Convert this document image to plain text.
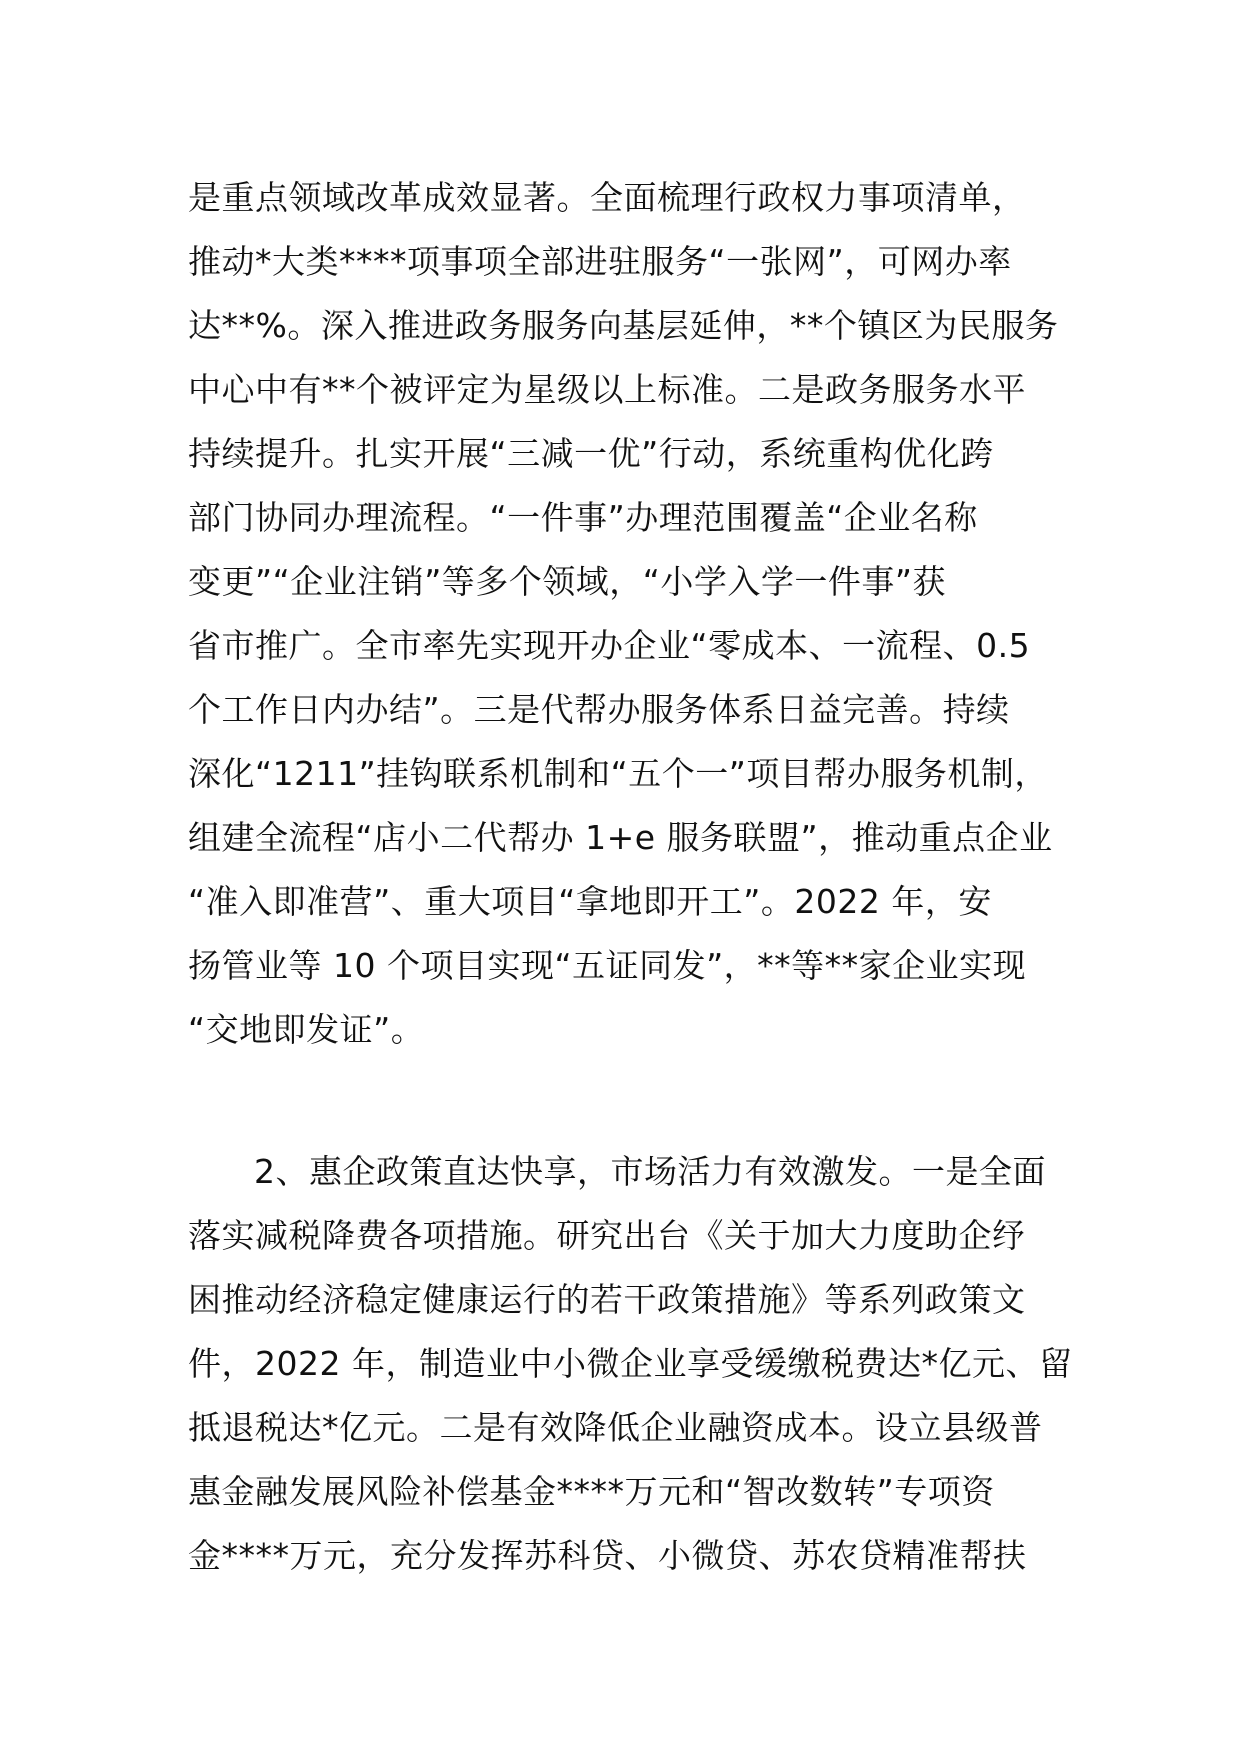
是重点领域改革成效显著。全面梳理行政权力事项清单，
推动*大类****项事项全部进驻服务“一张网”，可网办率
达**%。深入推进政务服务向基层延伸，**个镇区为民服务
中心中有**个被评定为星级以上标准。二是政务服务水平
持续提升。扎实开展“三减一优”行动，系统重构优化跨
部门协同办理流程。“一件事”办理范围覆盖“企业名称
变更”“企业注销”等多个领域，“小学入学一件事”获
省市推广。全市率先实现开办企业“零成本、一流程、0.5
个工作日内办结”。三是代帮办服务体系日益完善。持续
深化“1211”挂钩联系机制和“五个一”项目帮办服务机制，
组建全流程“店小二代帮办 1+e 服务联盟”，推动重点企业
“准入即准营”、重大项目“拿地即开工”。2022 年，安
扬管业等 10 个项目实现“五证同发”，**等**家企业实现
“交地即发证”。
2、惠企政策直达快享，市场活力有效激发。一是全面
落实减税降费各项措施。研究出台《关于加大力度助企纾
困推动经济稳定健康运行的若干政策措施》等系列政策文
件，2022 年，制造业中小微企业享受缓缴税费达*亿元、留
抵退税达*亿元。二是有效降低企业融资成本。设立县级普
惠金融发展风险补偿基金****万元和“智改数转”专项资
金****万元，充分发挥苏科贷、小微贷、苏农贷精准帮扶
